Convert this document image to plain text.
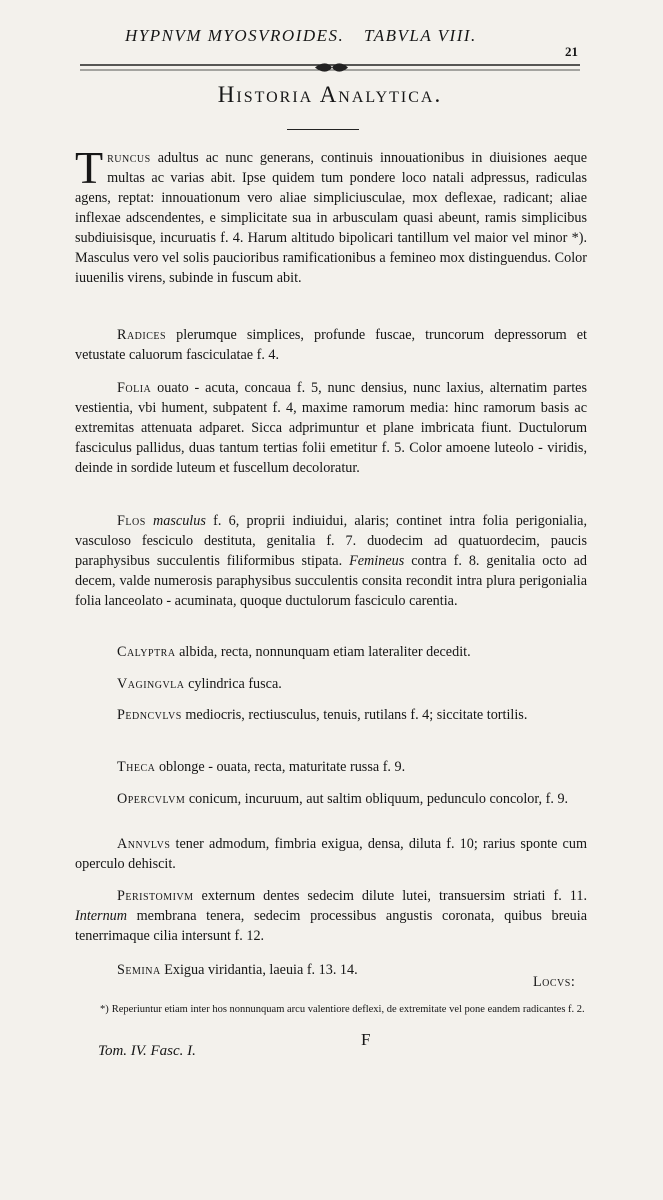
HYPNVM MYOSVROIDES. TABVLA VIII.
21
Historia Analytica.
Truncus adultus ac nunc generans, continuis innouationibus in diuisiones aeque multas ac varias abit. Ipse quidem tum pondere loco natali adpressus, radiculas agens, reptat: innouationum vero aliae simpliciusculae, mox deflexae, radicant; aliae inflexae adscendentes, e simplicitate sua in arbusculam quasi abeunt, ramis simplicibus subdiuisisque, incuruatis f. 4. Harum altitudo bipolicari tantillum vel maior vel minor *). Masculus vero vel solis paucioribus ramificationibus a femineo mox distinguendus. Color iuuenilis virens, subinde in fuscum abit.
Radices plerumque simplices, profunde fuscae, truncorum depressorum et vetustate caluorum fasciculatae f. 4.
Folia ouato - acuta, concaua f. 5, nunc densius, nunc laxius, alternatim partes vestientia, vbi hument, subpatent f. 4, maxime ramorum media: hinc ramorum basis ac extremitas attenuata adparet. Sicca adprimuntur et plane imbricata fiunt. Ductulorum fasciculus pallidus, duas tantum tertias folii emetitur f. 5. Color amoene luteolo - viridis, deinde in sordide luteum et fuscellum decoloratur.
Flos masculus f. 6, proprii indiuidui, alaris; continet intra folia perigonialia, vasculoso fesciculo destituta, genitalia f. 7. duodecim ad quatuordecim, paucis paraphysibus succulentis filiformibus stipata. Femineus contra f. 8. genitalia octo ad decem, valde numerosis paraphysibus succulentis consita recondit intra plura perigonialia folia lanceolato - acuminata, quoque ductulorum fasciculo carentia.
Calyptra albida, recta, nonnunquam etiam lateraliter decedit.
Vagingvla cylindrica fusca.
Pedncvlvs mediocris, rectiusculus, tenuis, rutilans f. 4; siccitate tortilis.
Theca oblonge - ouata, recta, maturitate russa f. 9.
Opercvlvm conicum, incuruum, aut saltim obliquum, pedunculo concolor, f. 9.
Annvlvs tener admodum, fimbria exigua, densa, diluta f. 10; rarius sponte cum operculo dehiscit.
Peristomivm externum dentes sedecim dilute lutei, transuersim striati f. 11. Internum membrana tenera, sedecim processibus angustis coronata, quibus breuia tenerrimaque cilia intersunt f. 12.
Semina Exigua viridantia, laeuia f. 13. 14.
Locvs:
*) Reperiuntur etiam inter hos nonnunquam arcu valentiore deflexi, de extremitate vel pone eandem radicantes f. 2.
Tom. IV. Fasc. I.
F
